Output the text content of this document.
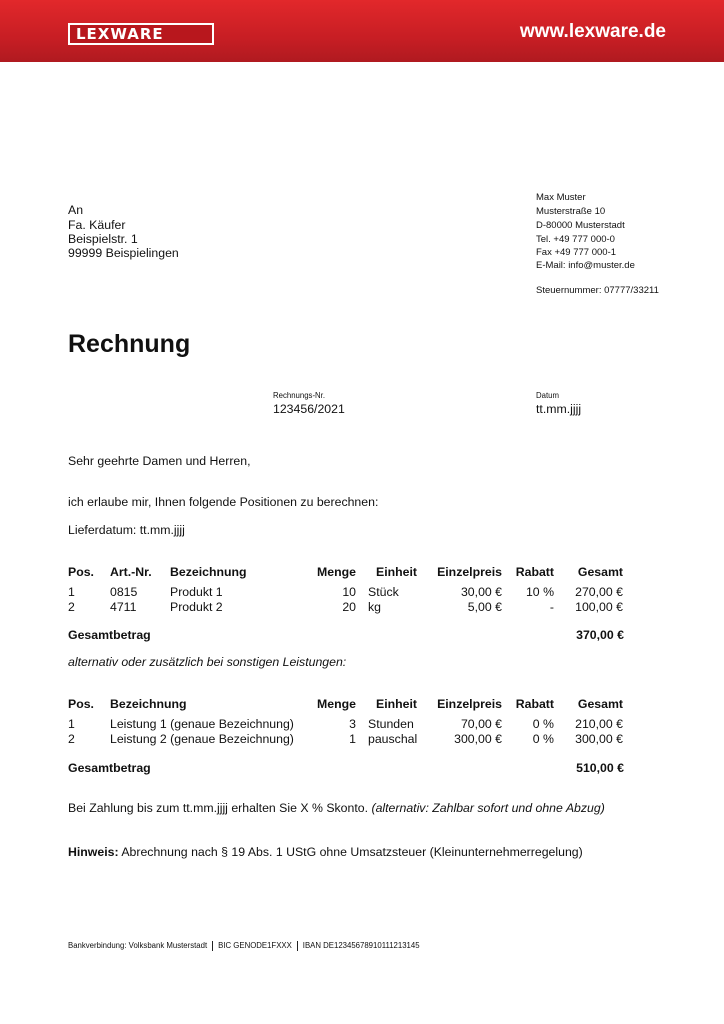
LEXWARE	www.lexware.de
An
Fa. Käufer
Beispielstr. 1
99999 Beispielingen
Max Muster
Musterstraße 10
D-80000 Musterstadt
Tel. +49 777 000-0
Fax +49 777 000-1
E-Mail: info@muster.de
Steuernummer: 07777/33211
Rechnung
Rechnungs-Nr.
123456/2021
Datum
tt.mm.jjjj
Sehr geehrte Damen und Herren,
ich erlaube mir, Ihnen folgende Positionen zu berechnen:
Lieferdatum: tt.mm.jjjj
Pos. Art.-Nr. Bezeichnung	Menge Einheit Einzelpreis Rabatt Gesamt
1	0815	Produkt 1	10 Stück	30,00 € 10 % 270,00 €
2	4711	Produkt 2	20 kg	5,00 €	- 100,00 €
Gesamtbetrag	370,00 €
alternativ oder zusätzlich bei sonstigen Leistungen:
Pos. Bezeichnung	Menge Einheit Einzelpreis Rabatt Gesamt
1	Leistung 1 (genaue Bezeichnung)	3 Stunden	70,00 €	0 % 210,00 €
2	Leistung 2 (genaue Bezeichnung)	1 pauschal	300,00 €	0 % 300,00 €
Gesamtbetrag	510,00 €
Bei Zahlung bis zum tt.mm.jjjj erhalten Sie X % Skonto. (alternativ: Zahlbar sofort und ohne Abzug)
Hinweis: Abrechnung nach § 19 Abs. 1 UStG ohne Umsatzsteuer (Kleinunternehmerregelung)
Bankverbindung: Volksbank Musterstadt BIC GENODE1FXXX IBAN DE12345678910111213145
